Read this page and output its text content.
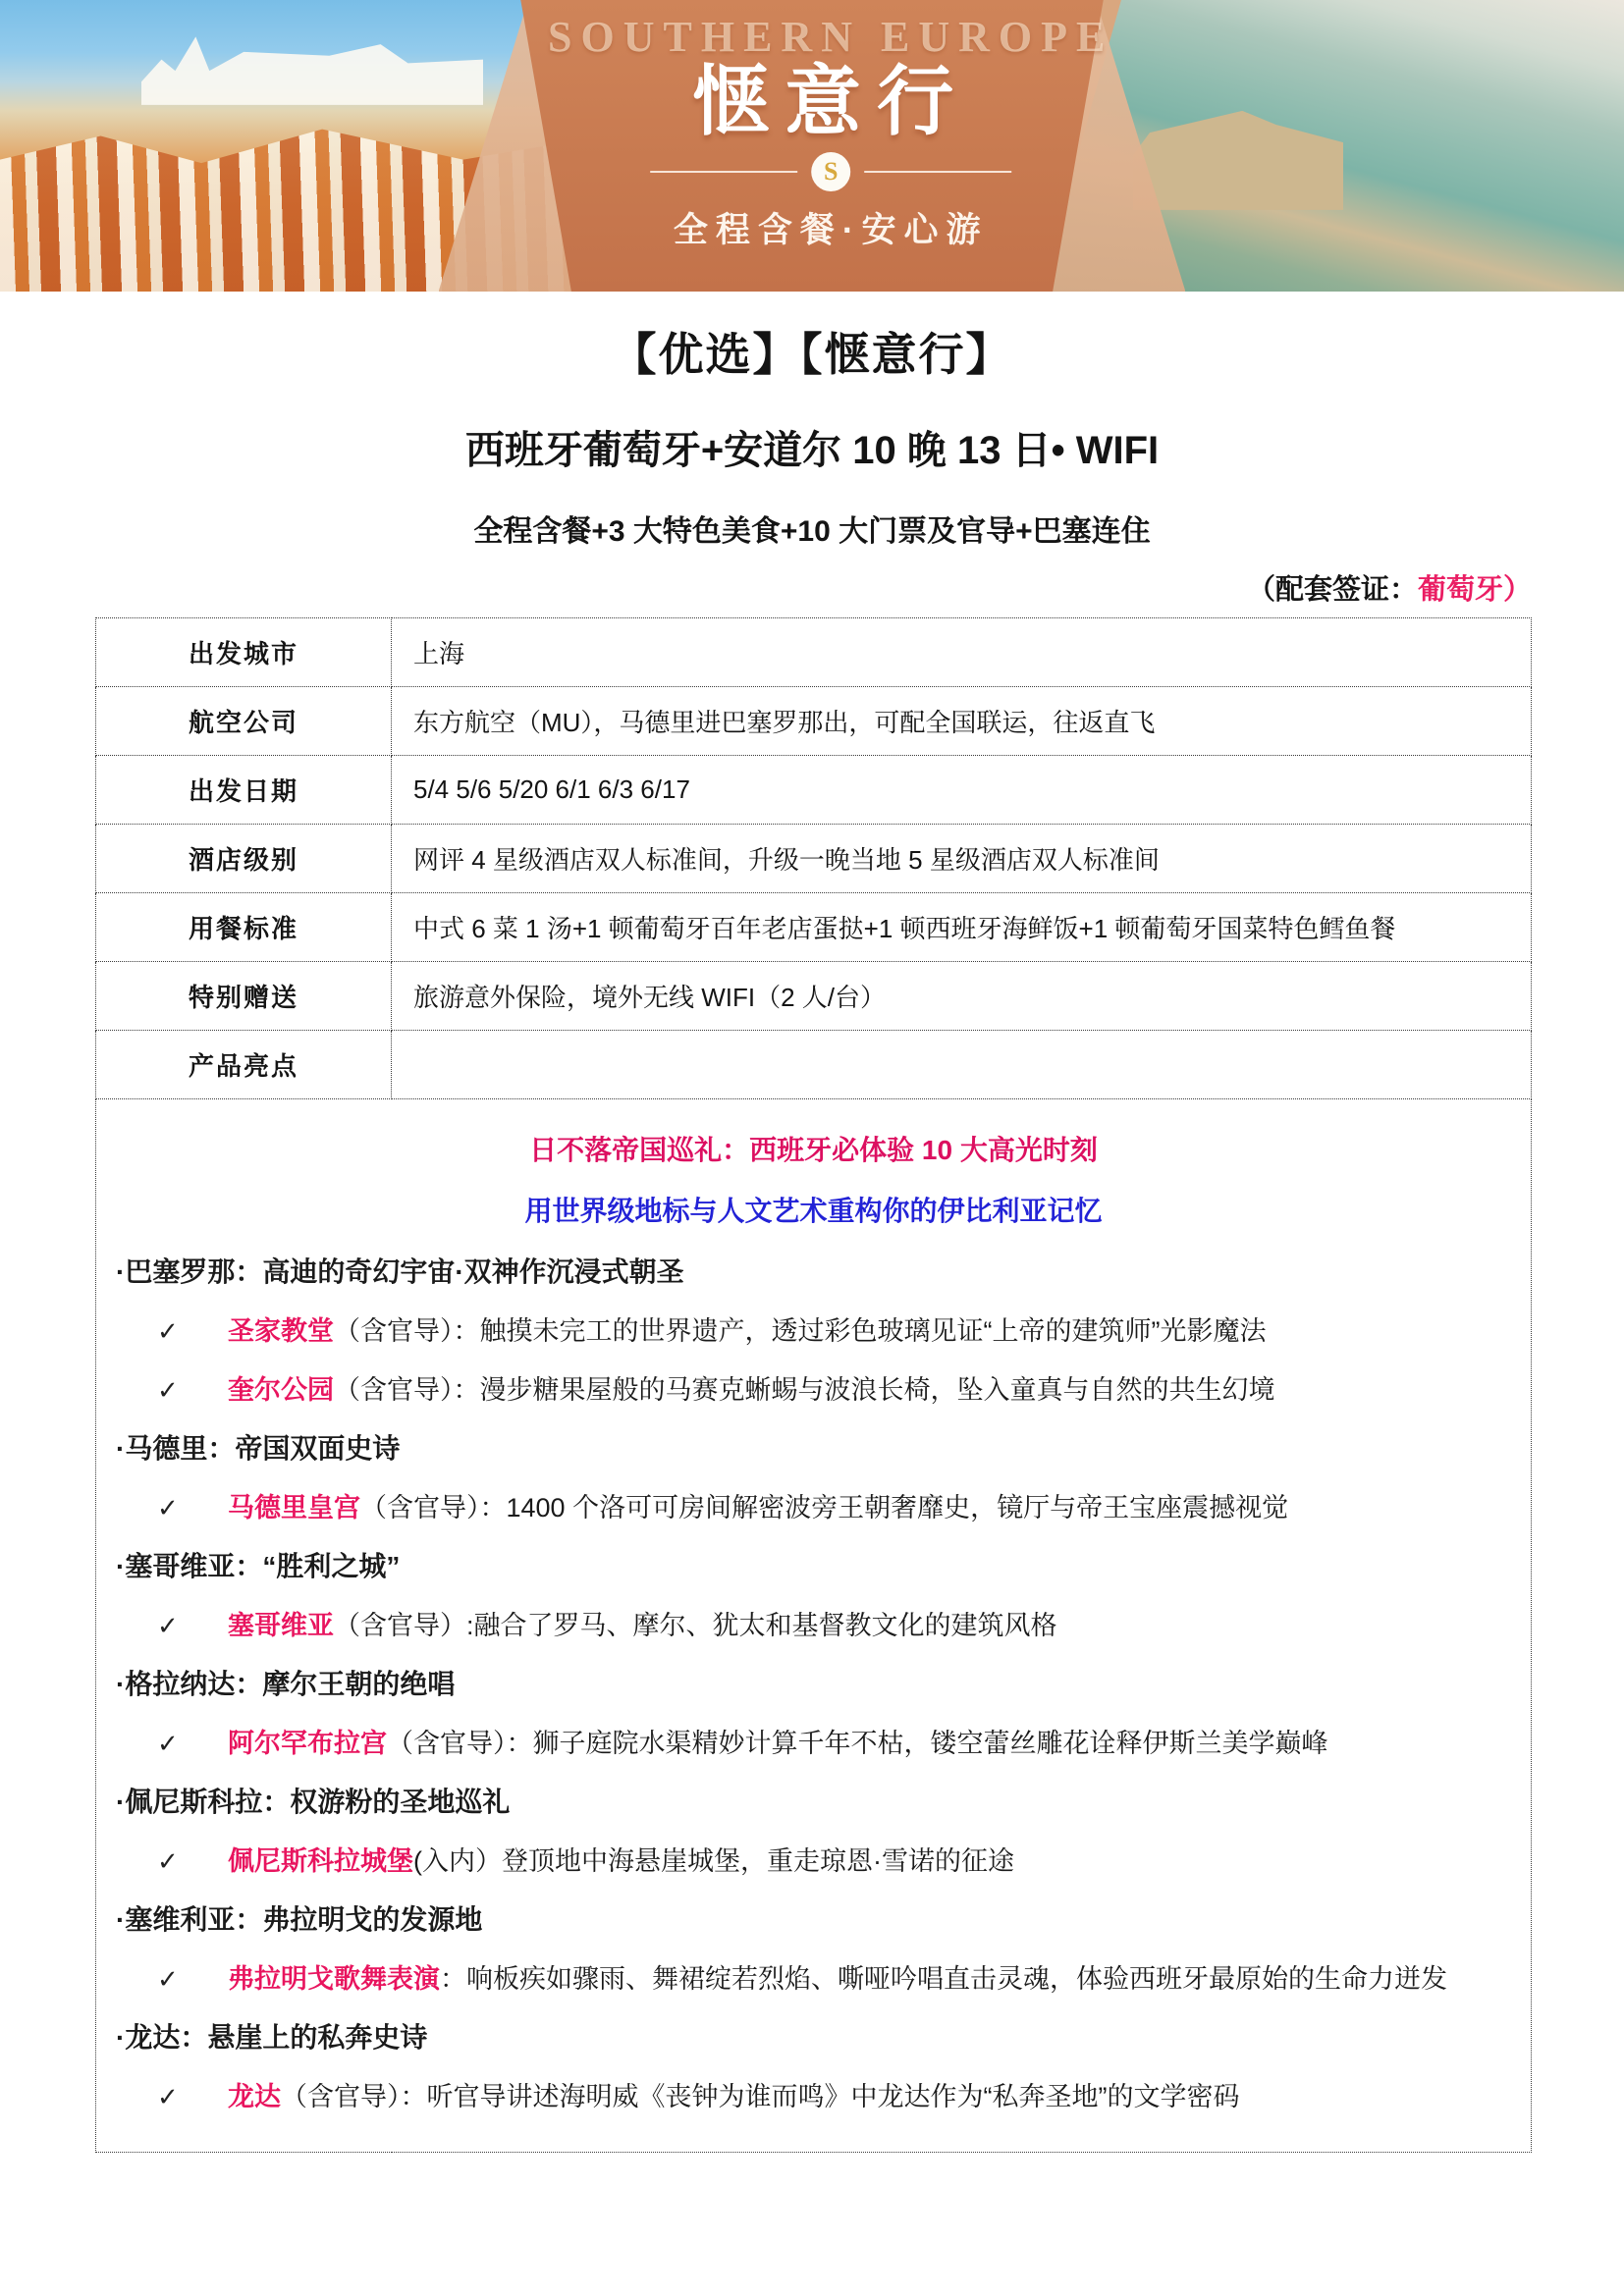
SOUTHERN EUROPE
惬意行
S
全程含餐·安心游
【优选】【惬意行】
西班牙葡萄牙+安道尔 10 晚 13 日• WIFI
全程含餐+3 大特色美食+10 大门票及官导+巴塞连住
（配套签证：葡萄牙）
出发城市	上海
航空公司	东方航空（MU），马德里进巴塞罗那出，可配全国联运，往返直飞
出发日期	5/4 5/6 5/20 6/1 6/3 6/17
酒店级别	网评 4 星级酒店双人标准间，升级一晚当地 5 星级酒店双人标准间
用餐标准	中式 6 菜 1 汤+1 顿葡萄牙百年老店蛋挞+1 顿西班牙海鲜饭+1 顿葡萄牙国菜特色鳕鱼餐
特别赠送	旅游意外保险，境外无线 WIFI（2 人/台）
产品亮点	

日不落帝国巡礼：西班牙必体验 10 大高光时刻
用世界级地标与人文艺术重构你的伊比利亚记忆
·巴塞罗那：高迪的奇幻宇宙·双神作沉浸式朝圣
✓	圣家教堂（含官导）：触摸未完工的世界遗产，透过彩色玻璃见证“上帝的建筑师”光影魔法
✓	奎尔公园（含官导）：漫步糖果屋般的马赛克蜥蜴与波浪长椅，坠入童真与自然的共生幻境
·马德里：帝国双面史诗
✓	马德里皇宫（含官导）：1400 个洛可可房间解密波旁王朝奢靡史，镜厅与帝王宝座震撼视觉
·塞哥维亚：“胜利之城”
✓	塞哥维亚（含官导）:融合了罗马、摩尔、犹太和基督教文化的建筑风格
·格拉纳达：摩尔王朝的绝唱
✓	阿尔罕布拉宫（含官导）：狮子庭院水渠精妙计算千年不枯，镂空蕾丝雕花诠释伊斯兰美学巅峰
·佩尼斯科拉：权游粉的圣地巡礼
✓	佩尼斯科拉城堡(入内）登顶地中海悬崖城堡，重走琼恩·雪诺的征途
·塞维利亚：弗拉明戈的发源地
✓	弗拉明戈歌舞表演：响板疾如骤雨、舞裙绽若烈焰、嘶哑吟唱直击灵魂，体验西班牙最原始的生命力迸发
·龙达：悬崖上的私奔史诗
✓	龙达（含官导）：听官导讲述海明威《丧钟为谁而鸣》中龙达作为“私奔圣地”的文学密码
